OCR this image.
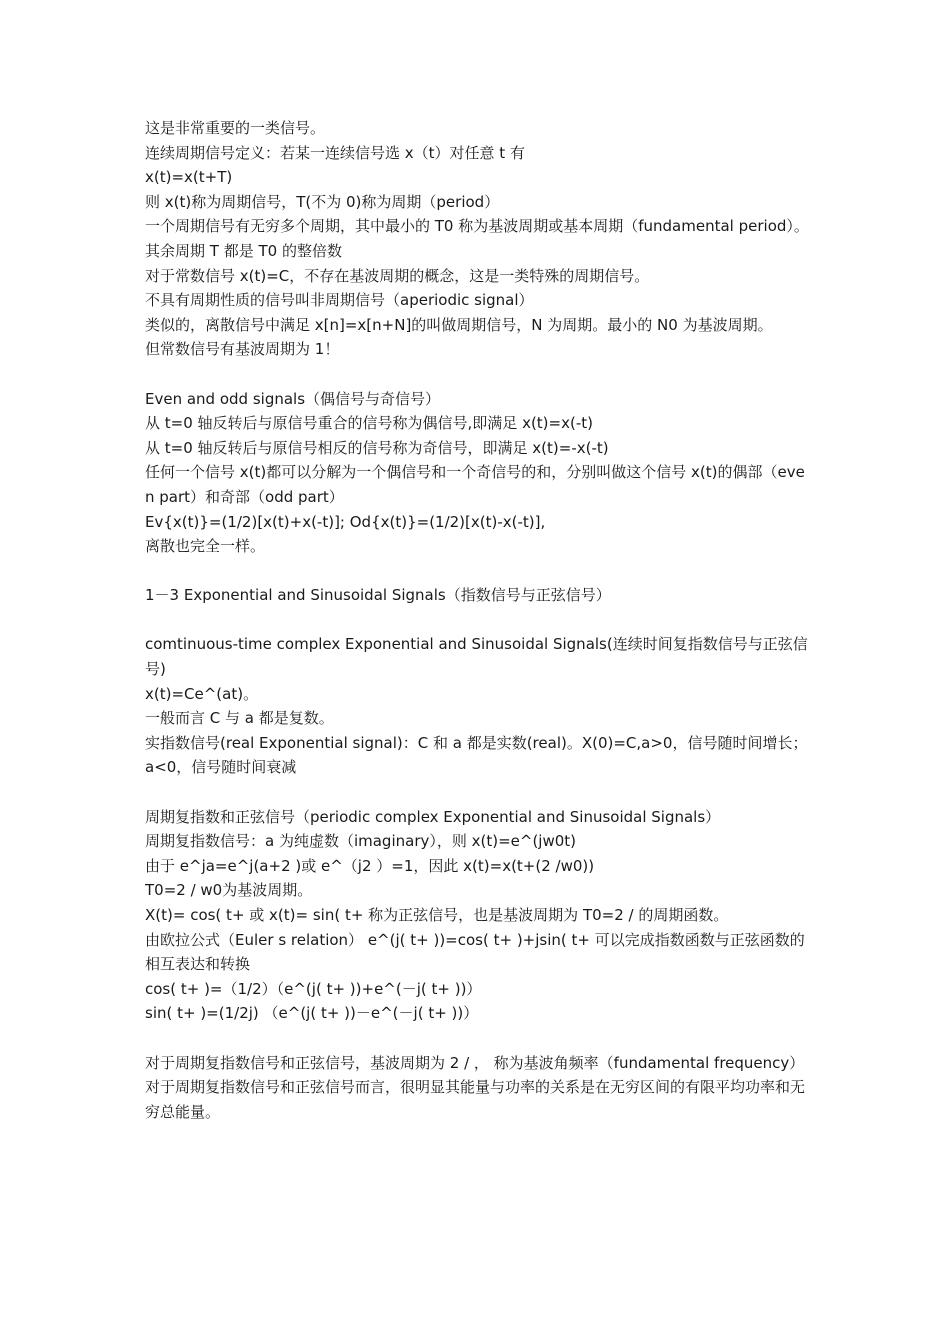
这是非常重要的一类信号。
连续周期信号定义：若某一连续信号选 x（t）对任意 t 有
x(t)=x(t+T)
则 x(t)称为周期信号，T(不为 0)称为周期（period）
一个周期信号有无穷多个周期，其中最小的 T0 称为基波周期或基本周期（fundamental period）。其余周期 T 都是 T0 的整倍数
对于常数信号 x(t)=C，不存在基波周期的概念，这是一类特殊的周期信号。
不具有周期性质的信号叫非周期信号（aperiodic signal）
类似的，离散信号中满足 x[n]=x[n+N]的叫做周期信号，N 为周期。最小的 N0 为基波周期。
但常数信号有基波周期为 1！
Even and odd signals（偶信号与奇信号）
从 t=0 轴反转后与原信号重合的信号称为偶信号,即满足 x(t)=x(-t)
从 t=0 轴反转后与原信号相反的信号称为奇信号，即满足 x(t)=-x(-t)
任何一个信号 x(t)都可以分解为一个偶信号和一个奇信号的和，分别叫做这个信号 x(t)的偶部（even part）和奇部（odd part）
Ev{x(t)}=(1/2)[x(t)+x(-t)]; Od{x(t)}=(1/2)[x(t)-x(-t)],
离散也完全一样。
1－3 Exponential and Sinusoidal Signals（指数信号与正弦信号）
comtinuous-time complex Exponential and Sinusoidal Signals(连续时间复指数信号与正弦信号)
x(t)=Ce^(at)。
一般而言 C 与 a 都是复数。
实指数信号(real Exponential signal)：C 和 a 都是实数(real)。X(0)=C,a>0，信号随时间增长；a<0，信号随时间衰减
周期复指数和正弦信号（periodic complex Exponential and Sinusoidal Signals）
周期复指数信号：a 为纯虚数（imaginary），则 x(t)=e^(jw0t)
由于 e^ja=e^j(a+2 )或 e^（j2 ）=1，因此 x(t)=x(t+(2 /w0))
T0=2 / w0为基波周期。
X(t)= cos( t+ 或 x(t)= sin( t+ 称为正弦信号，也是基波周期为 T0=2 / 的周期函数。
由欧拉公式（Euler s relation） e^(j( t+ ))=cos( t+ )+jsin( t+ 可以完成指数函数与正弦函数的相互表达和转换
cos( t+ )=（1/2）（e^(j( t+ ))+e^(－j( t+ ))）
sin( t+ )=(1/2j) （e^(j( t+ ))－e^(－j( t+ ))）
对于周期复指数信号和正弦信号，基波周期为 2 / ， 称为基波角频率（fundamental frequency）
对于周期复指数信号和正弦信号而言，很明显其能量与功率的关系是在无穷区间的有限平均功率和无穷总能量。
